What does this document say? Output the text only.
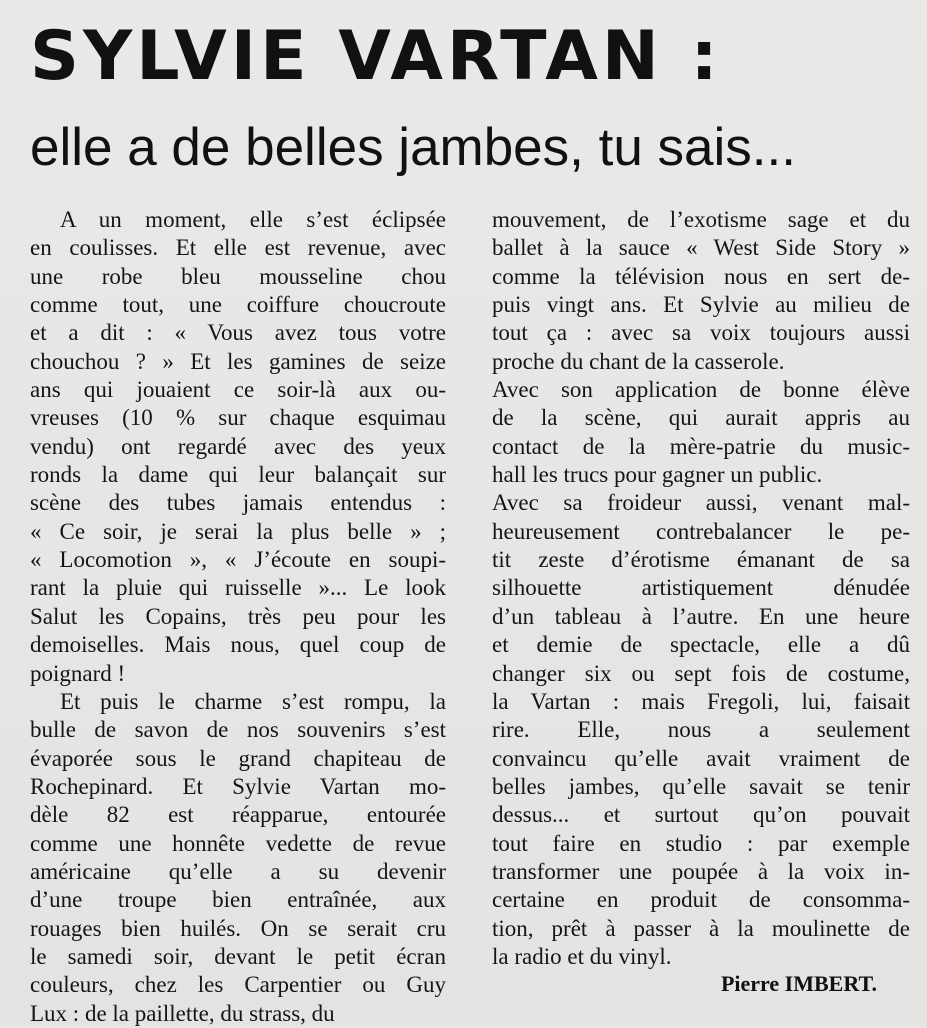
SYLVIE VARTAN :
elle a de belles jambes, tu sais...
A un moment, elle s’est éclipsée
en coulisses. Et elle est revenue, avec
une robe bleu mousseline chou
comme tout, une coiffure choucroute
et a dit : « Vous avez tous votre
chouchou ? » Et les gamines de seize
ans qui jouaient ce soir-là aux ou-
vreuses (10 % sur chaque esquimau
vendu) ont regardé avec des yeux
ronds la dame qui leur balançait sur
scène des tubes jamais entendus :
« Ce soir, je serai la plus belle » ;
« Locomotion », « J’écoute en soupi-
rant la pluie qui ruisselle »... Le look
Salut les Copains, très peu pour les
demoiselles. Mais nous, quel coup de
poignard !
Et puis le charme s’est rompu, la
bulle de savon de nos souvenirs s’est
évaporée sous le grand chapiteau de
Rochepinard. Et Sylvie Vartan mo-
dèle 82 est réapparue, entourée
comme une honnête vedette de revue
américaine qu’elle a su devenir
d’une troupe bien entraînée, aux
rouages bien huilés. On se serait cru
le samedi soir, devant le petit écran
couleurs, chez les Carpentier ou Guy
Lux : de la paillette, du strass, du
mouvement, de l’exotisme sage et du
ballet à la sauce « West Side Story »
comme la télévision nous en sert de-
puis vingt ans. Et Sylvie au milieu de
tout ça : avec sa voix toujours aussi
proche du chant de la casserole.
Avec son application de bonne élève
de la scène, qui aurait appris au
contact de la mère-patrie du music-
hall les trucs pour gagner un public.
Avec sa froideur aussi, venant mal-
heureusement contrebalancer le pe-
tit zeste d’érotisme émanant de sa
silhouette artistiquement dénudée
d’un tableau à l’autre. En une heure
et demie de spectacle, elle a dû
changer six ou sept fois de costume,
la Vartan : mais Fregoli, lui, faisait
rire. Elle, nous a seulement
convaincu qu’elle avait vraiment de
belles jambes, qu’elle savait se tenir
dessus... et surtout qu’on pouvait
tout faire en studio : par exemple
transformer une poupée à la voix in-
certaine en produit de consomma-
tion, prêt à passer à la moulinette de
la radio et du vinyl.
Pierre IMBERT.
